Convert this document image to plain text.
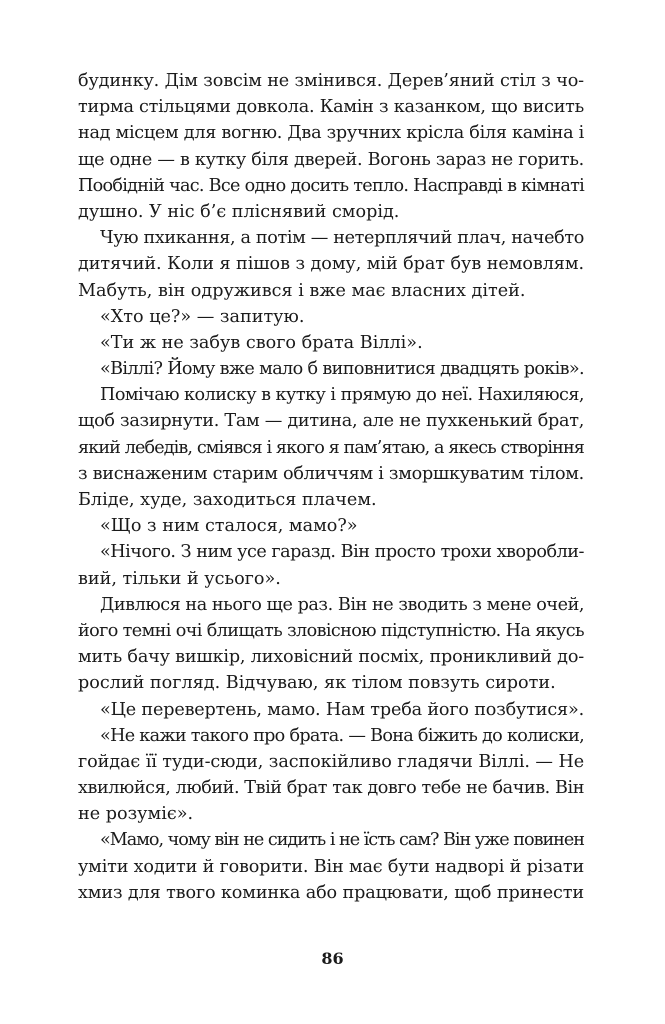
будинку. Дім зовсім не змінився. Дерев’яний стіл з чо-
тирма стільцями довкола. Камін з казанком, що висить
над місцем для вогню. Два зручних крісла біля каміна і
ще одне — в кутку біля дверей. Вогонь зараз не горить.
Пообідній час. Все одно досить тепло. Насправді в кімнаті
душно. У ніс б’є пліснявий сморід.
Чую пхикання, а потім — нетерплячий плач, начебто
дитячий. Коли я пішов з дому, мій брат був немовлям.
Мабуть, він одружився і вже має власних дітей.
«Хто це?» — запитую.
«Ти ж не забув свого брата Віллі».
«Віллі? Йому вже мало б виповнитися двадцять років».
Помічаю колиску в кутку і прямую до неї. Нахиляюся,
щоб зазирнути. Там — дитина, але не пухкенький брат,
який лебедів, сміявся і якого я пам’ятаю, а якесь створіння
з виснаженим старим обличчям і зморшкуватим тілом.
Бліде, худе, заходиться плачем.
«Що з ним сталося, мамо?»
«Нічого. З ним усе гаразд. Він просто трохи хворобли-
вий, тільки й усього».
Дивлюся на нього ще раз. Він не зводить з мене очей,
його темні очі блищать зловісною підступністю. На якусь
мить бачу вишкір, лиховісний посміх, проникливий до-
рослий погляд. Відчуваю, як тілом повзуть сироти.
«Це перевертень, мамо. Нам треба його позбутися».
«Не кажи такого про брата. — Вона біжить до колиски,
гойдає її туди-сюди, заспокійливо гладячи Віллі. — Не
хвилюйся, любий. Твій брат так довго тебе не бачив. Він
не розуміє».
«Мамо, чому він не сидить і не їсть сам? Він уже повинен
уміти ходити й говорити. Він має бути надворі й різати
хмиз для твого коминка або працювати, щоб принести
86
